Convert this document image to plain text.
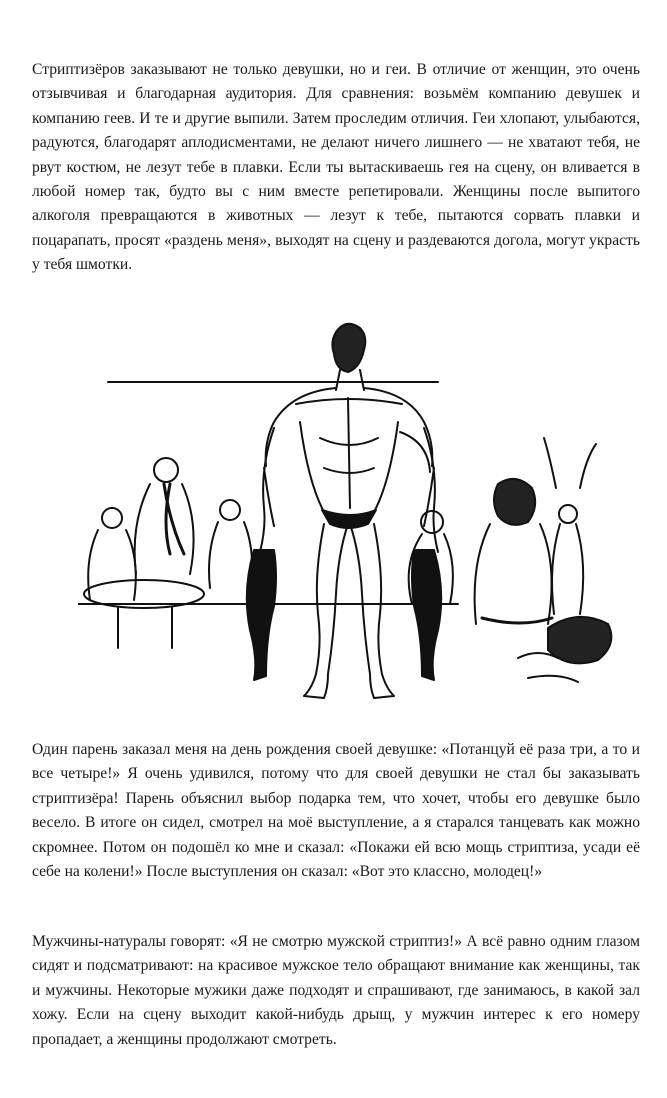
Стриптизёров заказывают не только девушки, но и геи. В отличие от женщин, это очень отзывчивая и благодарная аудитория. Для сравнения: возьмём компанию девушек и компанию геев. И те и другие выпили. Затем проследим отличия. Геи хлопают, улыбаются, радуются, благодарят аплодисментами, не делают ничего лишнего — не хватают тебя, не рвут костюм, не лезут тебе в плавки. Если ты вытаскиваешь гея на сцену, он вливается в любой номер так, будто вы с ним вместе репетировали. Женщины после выпитого алкоголя превращаются в животных — лезут к тебе, пытаются сорвать плавки и поцарапать, просят «раздень меня», выходят на сцену и раздеваются догола, могут украсть у тебя шмотки.

Один парень заказал меня на день рождения своей девушке: «Потанцуй её раза три, а то и все четыре!» Я очень удивился, потому что для своей девушки не стал бы заказывать стриптизёра! Парень объяснил выбор подарка тем, что хочет, чтобы его девушке было весело. В итоге он сидел, смотрел на моё выступление, а я старался танцевать как можно скромнее. Потом он подошёл ко мне и сказал: «Покажи ей всю мощь стриптиза, усади её себе на колени!» После выступления он сказал: «Вот это классно, молодец!»

Мужчины-натуралы говорят: «Я не смотрю мужской стриптиз!» А всё равно одним глазом сидят и подсматривают: на красивое мужское тело обращают внимание как женщины, так и мужчины. Некоторые мужики даже подходят и спрашивают, где занимаюсь, в какой зал хожу. Если на сцену выходит какой-нибудь дрыщ, у мужчин интерес к его номеру пропадает, а женщины продолжают смотреть.
